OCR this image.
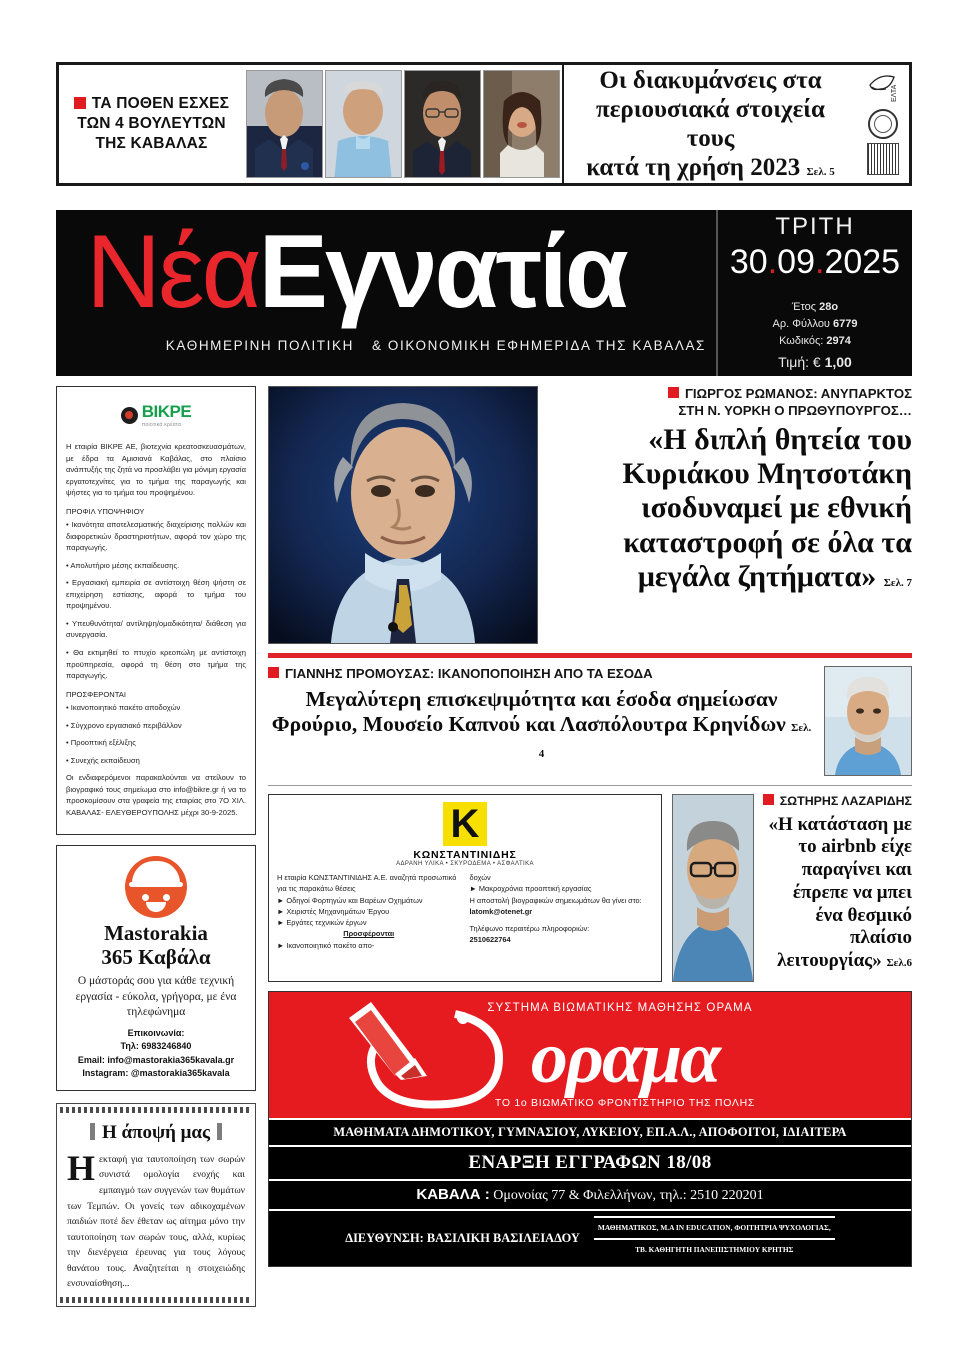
ΤΑ ΠΟΘΕΝ ΕΣΧΕΣ ΤΩΝ 4 ΒΟΥΛΕΥΤΩΝ ΤΗΣ ΚΑΒΑΛΑΣ
Οι διακυμάνσεις στα
περιουσιακά στοιχεία τους
κατά τη χρήση 2023 Σελ. 5
ΕΛΤΑ
ΝέαΕγνατία
ΚΑΘΗΜΕΡΙΝΗ ΠΟΛΙΤΙΚΗ & ΟΙΚΟΝΟΜΙΚΗ ΕΦΗΜΕΡΙΔΑ ΤΗΣ ΚΑΒΑΛΑΣ
ΤΡΙΤΗ
30.09.2025
Έτος 28ο
Αρ. Φύλλου 6779
Κωδικός: 2974
Τιμή: € 1,00
BIKPE
ποιοτικά κρέατα

Η εταιρία ΒΙΚΡΕ ΑΕ, βιοτεχνία κρεατοσκευασμάτων, με έδρα τα Αμισιανά Καβάλας, στο πλαίσιο ανάπτυξής της ζητά να προσλάβει για μόνιμη εργασία εργατοτεχνίτες για το τμήμα της παραγωγής και ψήστες για το τμήμα του προψημένου.

ΠΡΟΦΙΛ ΥΠΟΨΗΦΙΟΥ

• Ικανότητα αποτελεσματικής διαχείρισης πολλών και διαφορετικών δραστηριοτήτων, αφορά τον χώρο της παραγωγής.

• Απολυτήριο μέσης εκπαίδευσης.

• Εργασιακή εμπειρία σε αντίστοιχη θέση ψήστη σε επιχείρηση εστίασης, αφορά το τμήμα του προψημένου.

• Υπευθυνότητα/ αντίληψη/ομαδικότητα/ διάθεση για συνεργασία.

• Θα εκτιμηθεί το πτυχίο κρεοπώλη με αντίστοιχη προϋπηρεσία, αφορά τη θέση στο τμήμα της παραγωγής.

ΠΡΟΣΦΕΡΟΝΤΑΙ

• Ικανοποιητικό πακέτο αποδοχών

• Σύγχρονο εργασιακό περιβάλλον

• Προοπτική εξέλιξης

• Συνεχής εκπαίδευση

Οι ενδιαφερόμενοι παρακαλούνται να στείλουν το βιογραφικό τους σημείωμα στο info@bikre.gr ή να το προσκομίσουν στα γραφεία της εταιρίας στο 7Ο ΧΙΛ. ΚΑΒΑΛΑΣ- ΕΛΕΥΘΕΡΟΥΠΟΛΗΣ μέχρι 30-9-2025.

Mastorakia
365 Καβάλα
Ο μάστοράς σου για κάθε τεχνική εργασία - εύκολα, γρήγορα, με ένα τηλεφώνημα
Επικοινωνία:
Τηλ: 6983246840
Email: info@mastorakia365kavala.gr
Instagram: @mastorakia365kavala
Η άποψή μας
Ηεκταφή για ταυτοποίηση των σωρών συνιστά ομολογία ενοχής και εμπαιγμό των συγγενών των θυμάτων των Τεμπών. Οι γονείς των αδικοχαμένων παιδιών ποτέ δεν έθεταν ως αίτημα μόνο την ταυτοποίηση των σωρών τους, αλλά, κυρίως την διενέργεια έρευνας για τους λόγους θανάτου τους. Αναζητείται η στοιχειώδης ενσυναίσθηση...
ΓΙΩΡΓΟΣ ΡΩΜΑΝΟΣ: ΑΝΥΠΑΡΚΤΟΣ
ΣΤΗ Ν. ΥΟΡΚΗ Ο ΠΡΩΘΥΠΟΥΡΓΟΣ…
«Η διπλή θητεία του Κυριάκου Μητσοτάκη ισοδυναμεί με εθνική καταστροφή σε όλα τα μεγάλα ζητήματα» Σελ. 7
ΓΙΑΝΝΗΣ ΠΡΟΜΟΥΣΑΣ: ΙΚΑΝΟΠΟΠΟΙΗΣΗ ΑΠΟ ΤΑ ΕΣΟΔΑ
Μεγαλύτερη επισκεψιμότητα και έσοδα σημείωσαν Φρούριο, Μουσείο Καπνού και Λασπόλουτρα Κρηνίδων Σελ. 4
Κ
ΚΩΝΣΤΑΝΤΙΝΙΔΗΣ
ΑΔΡΑΝΗ ΥΛΙΚΑ • ΣΚΥΡΟΔΕΜΑ • ΑΣΦΑΛΤΙΚΑ
Η εταιρία ΚΩΝΣΤΑΝΤΙΝΙΔΗΣ Α.Ε. αναζητά προσωπικό για τις παρακάτω θέσεις
► Οδηγοί Φορτηγών και Βαρέων Οχημάτων
► Χειριστές Μηχανημάτων Έργου
► Εργάτες τεχνικών έργων
Προσφέρονται
► Ικανοποιητικό πακέτο απο-
δοχών
► Μακροχρόνια προοπτική εργασίας
Η αποστολή βιογραφικών σημειωμάτων θα γίνει στο:
latomk@otenet.gr
Τηλέφωνο περαιτέρω πληροφοριών:
2510622764
ΣΩΤΗΡΗΣ ΛΑΖΑΡΙΔΗΣ
«Η κατάσταση με το airbnb είχε παραγίνει και έπρεπε να μπει ένα θεσμικό πλαίσιο λειτουργίας» Σελ.6
ΣΥΣΤΗΜΑ ΒΙΩΜΑΤΙΚΗΣ ΜΑΘΗΣΗΣ ΟΡΑΜΑ
οραμα
ΤΟ 1ο ΒΙΩΜΑΤΙΚΟ ΦΡΟΝΤΙΣΤΗΡΙΟ ΤΗΣ ΠΟΛΗΣ
ΜΑΘΗΜΑΤΑ ΔΗΜΟΤΙΚΟΥ, ΓΥΜΝΑΣΙΟΥ, ΛΥΚΕΙΟΥ, ΕΠ.Α.Λ., ΑΠΟΦΟΙΤΟΙ, ΙΔΙΑΙΤΕΡΑ
ΕΝΑΡΞΗ ΕΓΓΡΑΦΩΝ 18/08
ΚΑΒΑΛΑ : Ομονοίας 77 & Φιλελλήνων, τηλ.: 2510 220201
ΔΙΕΥΘΥΝΣΗ: ΒΑΣΙΛΙΚΗ ΒΑΣΙΛΕΙΑΔΟΥ
ΜΑΘΗΜΑΤΙΚΟΣ, Μ.Α IN EDUCATION, ΦΟΙΤΗΤΡΙΑ ΨΥΧΟΛΟΓΙΑΣ,
ΤΒ. ΚΑΘΗΓΗΤΗ ΠΑΝΕΠΙΣΤΗΜΙΟΥ ΚΡΗΤΗΣ
